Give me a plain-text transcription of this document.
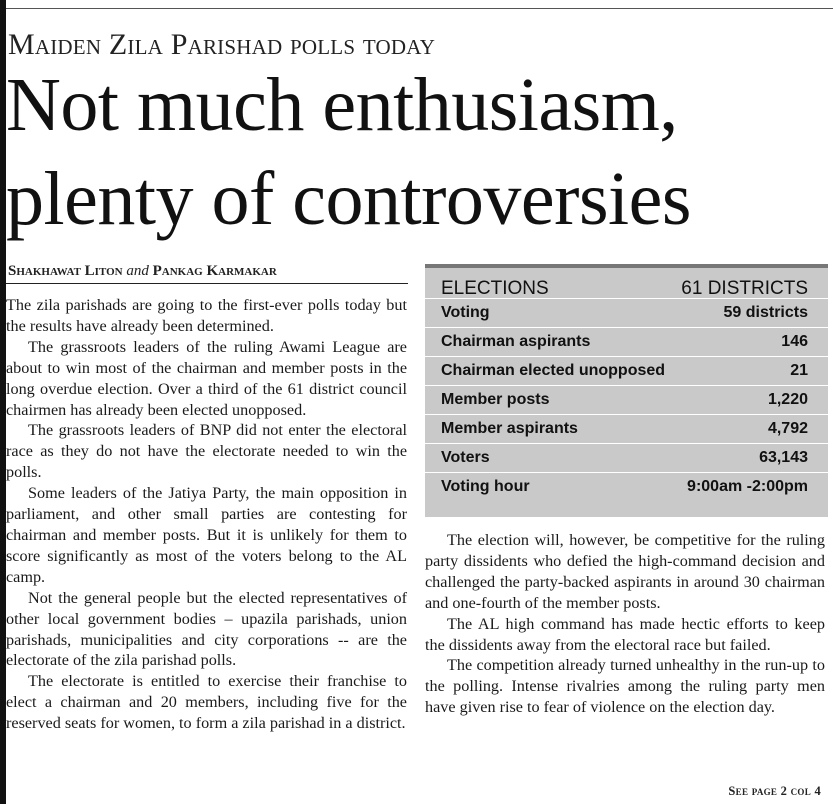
Maiden Zila Parishad polls today
Not much enthusiasm,
plenty of controversies
Shakhawat Liton and Pankag Karmakar

The zila parishads are going to the first-ever polls today but the results have already been determined.

The grassroots leaders of the ruling Awami League are about to win most of the chairman and member posts in the long overdue election. Over a third of the 61 district council chairmen has already been elected unopposed.

The grassroots leaders of BNP did not enter the electoral race as they do not have the electorate needed to win the polls.

Some leaders of the Jatiya Party, the main opposition in parliament, and other small parties are contesting for chairman and member posts. But it is unlikely for them to score significantly as most of the voters belong to the AL camp.

Not the general people but the elected representatives of other local government bodies – upazila parishads, union parishads, municipalities and city corporations -- are the electorate of the zila parishad polls.

The electorate is entitled to exercise their franchise to elect a chairman and 20 members, including five for the reserved seats for women, to form a zila parishad in a district.

ELECTIONS	61 DISTRICTS
Voting	59 districts
Chairman aspirants	146
Chairman elected unopposed	21
Member posts	1,220
Member aspirants	4,792
Voters	63,143
Voting hour	9:00am -2:00pm

The election will, however, be competitive for the ruling party dissidents who defied the high-command decision and challenged the party-backed aspirants in around 30 chairman and one-fourth of the member posts.

The AL high command has made hectic efforts to keep the dissidents away from the electoral race but failed.

The competition already turned unhealthy in the run-up to the polling. Intense rivalries among the ruling party men have given rise to fear of violence on the election day.

See page 2 col 4
